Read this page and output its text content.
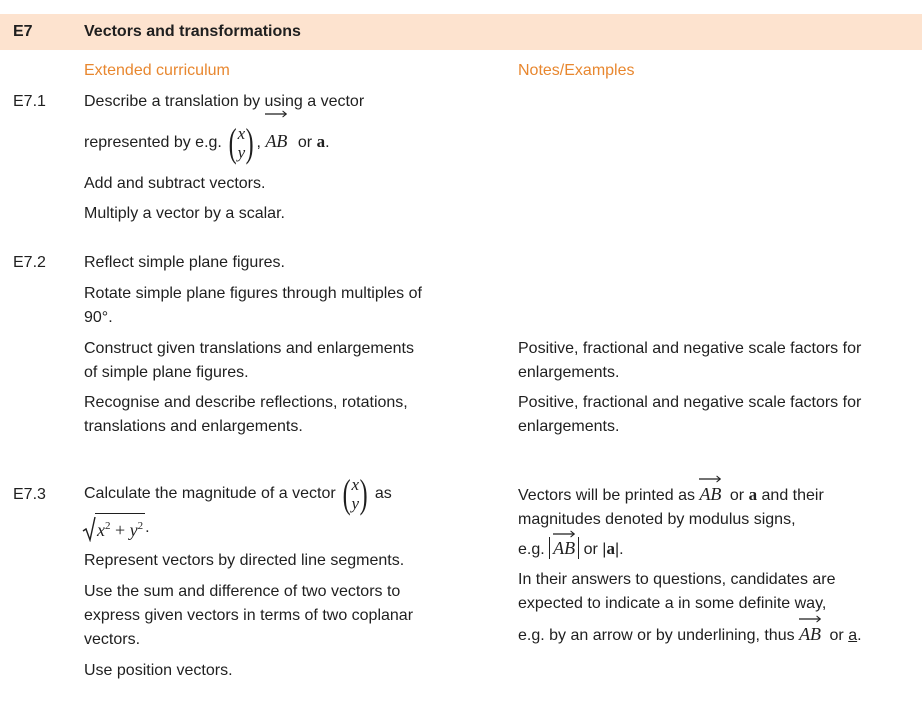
E7	Vectors and transformations
Extended curriculum	Notes/Examples
E7.1 Describe a translation by using a vector
represented by e.g. ( x
y ) , AB or a.
Add and subtract vectors.
Multiply a vector by a scalar.
E7.2 Reflect simple plane figures.
Rotate simple plane figures through multiples of
90°.
Construct given translations and enlargements
of simple plane figures.
Recognise and describe reflections, rotations,
translations and enlargements.
Positive, fractional and negative scale factors for
enlargements.
Positive, fractional and negative scale factors for
enlargements.
E7.3 Calculate the magnitude of a vector ( x
y ) as
$x^2 + y^2$ .
Represent vectors by directed line segments.
Use the sum and difference of two vectors to
express given vectors in terms of two coplanar
vectors.
Use position vectors.
Vectors will be printed as AB or a and their
magnitudes denoted by modulus signs,
e.g. AB or |a|.
In their answers to questions, candidates are
expected to indicate a in some definite way,
e.g. by an arrow or by underlining, thus AB or a.
